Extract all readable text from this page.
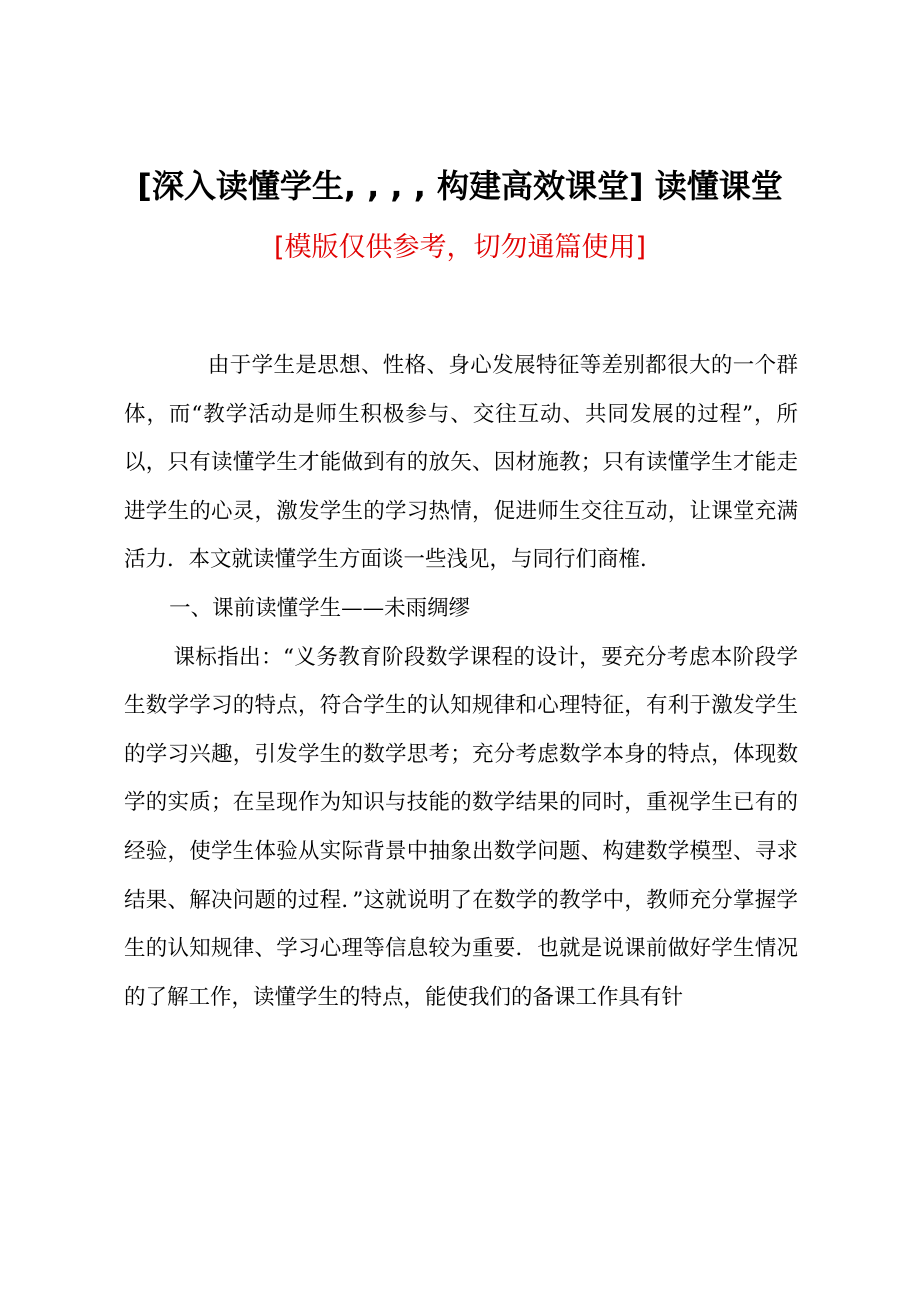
[深入读懂学生, , , , 构建高效课堂] 读懂课堂
[模版仅供参考，切勿通篇使用]

由于学生是思想、性格、身心发展特征等差别都很大的一个群体，而“教学活动是师生积极参与、交往互动、共同发展的过程”，所以，只有读懂学生才能做到有的放矢、因材施教；只有读懂学生才能走进学生的心灵，激发学生的学习热情，促进师生交往互动，让课堂充满活力．本文就读懂学生方面谈一些浅见，与同行们商榷．

一、课前读懂学生——未雨绸缪

课标指出：“义务教育阶段数学课程的设计，要充分考虑本阶段学生数学学习的特点，符合学生的认知规律和心理特征，有利于激发学生的学习兴趣，引发学生的数学思考；充分考虑数学本身的特点，体现数学的实质；在呈现作为知识与技能的数学结果的同时，重视学生已有的经验，使学生体验从实际背景中抽象出数学问题、构建数学模型、寻求结果、解决问题的过程．”这就说明了在数学的教学中，教师充分掌握学生的认知规律、学习心理等信息较为重要．也就是说课前做好学生情况的了解工作，读懂学生的特点，能使我们的备课工作具有针
